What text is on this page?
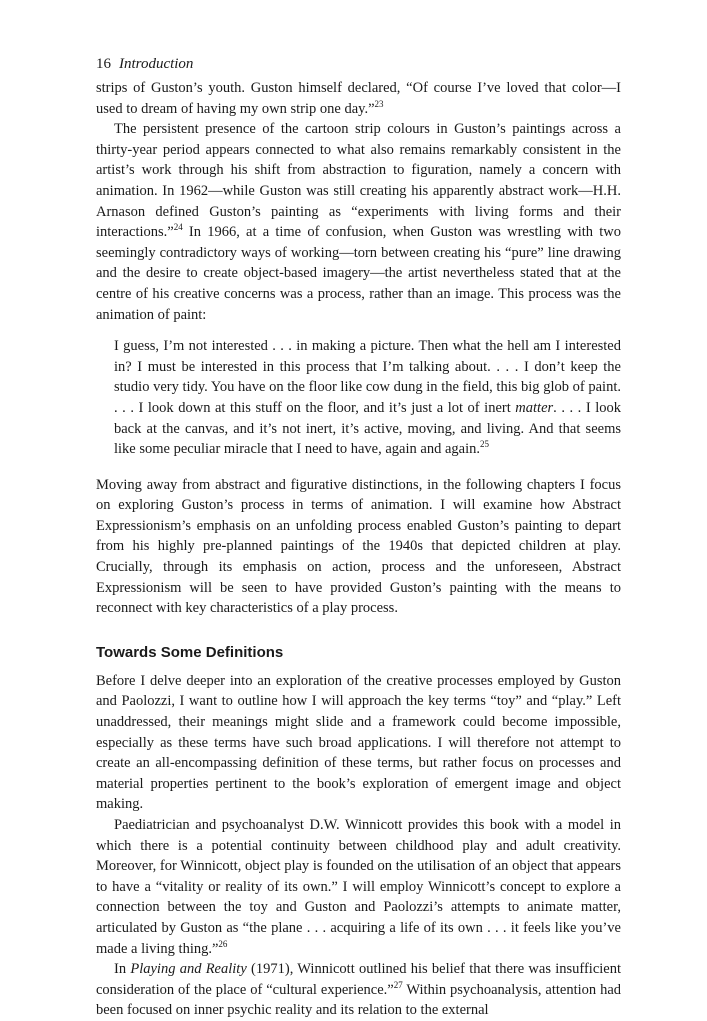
16 Introduction

strips of Guston’s youth. Guston himself declared, “Of course I’ve loved that color—I used to dream of having my own strip one day.”$^{23}$

The persistent presence of the cartoon strip colours in Guston’s paintings across a thirty-year period appears connected to what also remains remarkably consistent in the artist’s work through his shift from abstraction to figuration, namely a concern with animation. In 1962—while Guston was still creating his apparently abstract work—H.H. Arnason defined Guston’s painting as “experiments with living forms and their interactions.”$^{24}$ In 1966, at a time of confusion, when Guston was wrestling with two seemingly contradictory ways of working—torn between creating his “pure” line drawing and the desire to create object-based imagery—the artist nevertheless stated that at the centre of his creative concerns was a process, rather than an image. This process was the animation of paint:

I guess, I’m not interested . . . in making a picture. Then what the hell am I interested in? I must be interested in this process that I’m talking about. . . . I don’t keep the studio very tidy. You have on the floor like cow dung in the field, this big glob of paint. . . . I look down at this stuff on the floor, and it’s just a lot of inert matter. . . . I look back at the canvas, and it’s not inert, it’s active, moving, and living. And that seems like some peculiar miracle that I need to have, again and again.$^{25}$

Moving away from abstract and figurative distinctions, in the following chapters I focus on exploring Guston’s process in terms of animation. I will examine how Abstract Expressionism’s emphasis on an unfolding process enabled Guston’s painting to depart from his highly pre-planned paintings of the 1940s that depicted children at play. Crucially, through its emphasis on action, process and the unforeseen, Abstract Expressionism will be seen to have provided Guston’s painting with the means to reconnect with key characteristics of a play process.

Towards Some Definitions

Before I delve deeper into an exploration of the creative processes employed by Guston and Paolozzi, I want to outline how I will approach the key terms “toy” and “play.” Left unaddressed, their meanings might slide and a framework could become impossible, especially as these terms have such broad applications. I will therefore not attempt to create an all-encompassing definition of these terms, but rather focus on processes and material properties pertinent to the book’s exploration of emergent image and object making.

Paediatrician and psychoanalyst D.W. Winnicott provides this book with a model in which there is a potential continuity between childhood play and adult creativity. Moreover, for Winnicott, object play is founded on the utilisation of an object that appears to have a “vitality or reality of its own.” I will employ Winnicott’s concept to explore a connection between the toy and Guston and Paolozzi’s attempts to animate matter, articulated by Guston as “the plane . . . acquiring a life of its own . . . it feels like you’ve made a living thing.”$^{26}$

In Playing and Reality (1971), Winnicott outlined his belief that there was insufficient consideration of the place of “cultural experience.”$^{27}$ Within psychoanalysis, attention had been focused on inner psychic reality and its relation to the external
